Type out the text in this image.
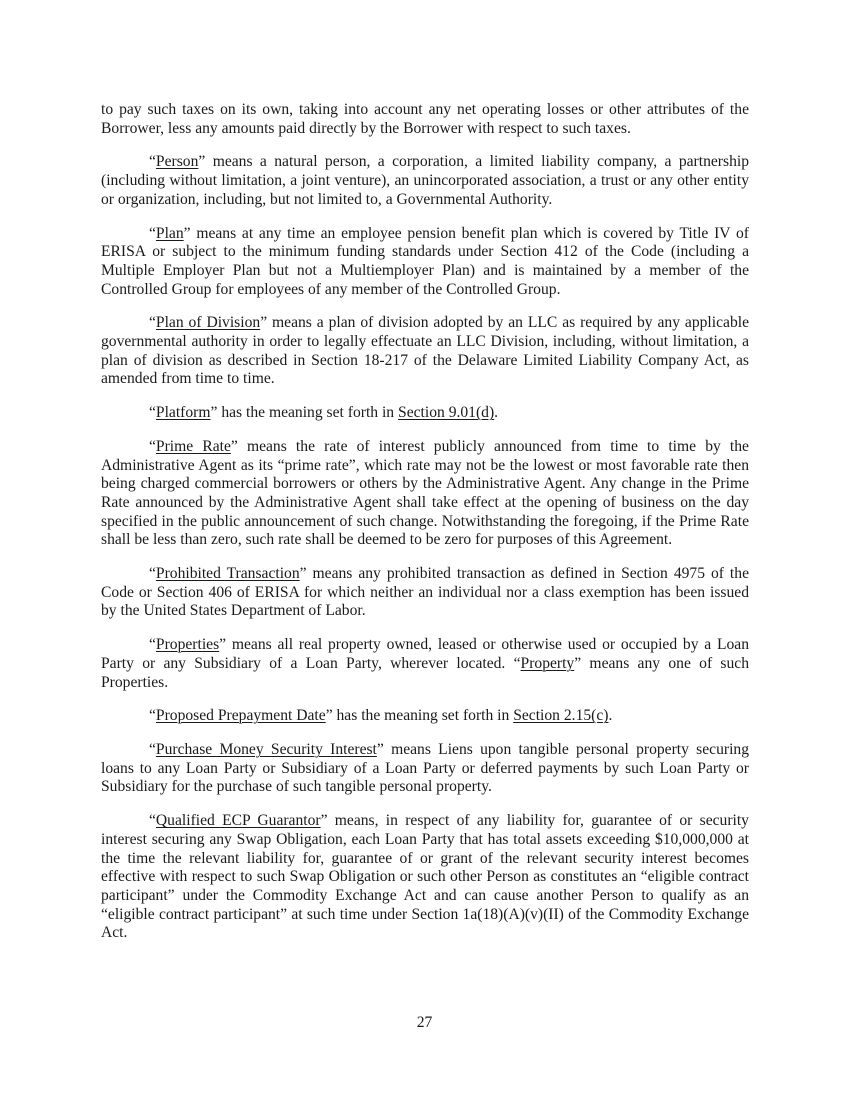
to pay such taxes on its own, taking into account any net operating losses or other attributes of the Borrower, less any amounts paid directly by the Borrower with respect to such taxes.

“Person” means a natural person, a corporation, a limited liability company, a partnership (including without limitation, a joint venture), an unincorporated association, a trust or any other entity or organization, including, but not limited to, a Governmental Authority.

“Plan” means at any time an employee pension benefit plan which is covered by Title IV of ERISA or subject to the minimum funding standards under Section 412 of the Code (including a Multiple Employer Plan but not a Multiemployer Plan) and is maintained by a member of the Controlled Group for employees of any member of the Controlled Group.

“Plan of Division” means a plan of division adopted by an LLC as required by any applicable governmental authority in order to legally effectuate an LLC Division, including, without limitation, a plan of division as described in Section 18-217 of the Delaware Limited Liability Company Act, as amended from time to time.

“Platform” has the meaning set forth in Section 9.01(d).

“Prime Rate” means the rate of interest publicly announced from time to time by the Administrative Agent as its “prime rate”, which rate may not be the lowest or most favorable rate then being charged commercial borrowers or others by the Administrative Agent. Any change in the Prime Rate announced by the Administrative Agent shall take effect at the opening of business on the day specified in the public announcement of such change. Notwithstanding the foregoing, if the Prime Rate shall be less than zero, such rate shall be deemed to be zero for purposes of this Agreement.

“Prohibited Transaction” means any prohibited transaction as defined in Section 4975 of the Code or Section 406 of ERISA for which neither an individual nor a class exemption has been issued by the United States Department of Labor.

“Properties” means all real property owned, leased or otherwise used or occupied by a Loan Party or any Subsidiary of a Loan Party, wherever located. “Property” means any one of such Properties.

“Proposed Prepayment Date” has the meaning set forth in Section 2.15(c).

“Purchase Money Security Interest” means Liens upon tangible personal property securing loans to any Loan Party or Subsidiary of a Loan Party or deferred payments by such Loan Party or Subsidiary for the purchase of such tangible personal property.

“Qualified ECP Guarantor” means, in respect of any liability for, guarantee of or security interest securing any Swap Obligation, each Loan Party that has total assets exceeding $10,000,000 at the time the relevant liability for, guarantee of or grant of the relevant security interest becomes effective with respect to such Swap Obligation or such other Person as constitutes an “eligible contract participant” under the Commodity Exchange Act and can cause another Person to qualify as an “eligible contract participant” at such time under Section 1a(18)(A)(v)(II) of the Commodity Exchange Act.

27
